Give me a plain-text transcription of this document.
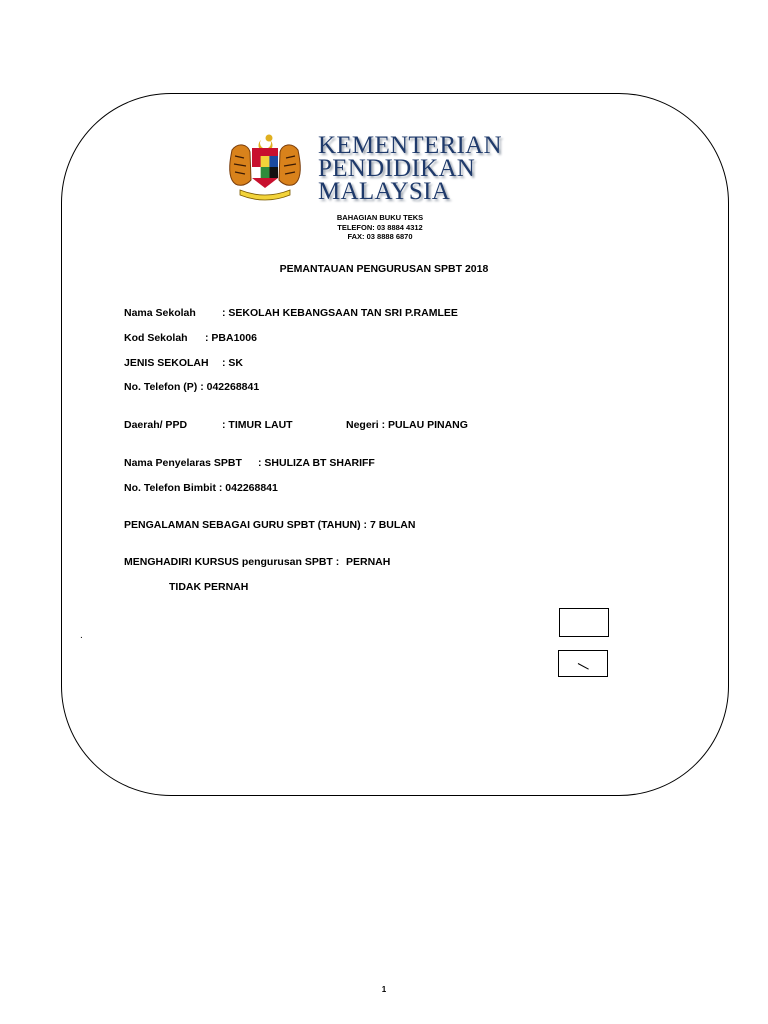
KEMENTERIAN
PENDIDIKAN
MALAYSIA
BAHAGIAN BUKU TEKS
TELEFON: 03 8884 4312
FAX: 03 8888 6870
PEMANTAUAN PENGURUSAN SPBT 2018
Nama Sekolah : SEKOLAH KEBANGSAAN TAN SRI P.RAMLEE
Kod Sekolah : PBA1006
JENIS SEKOLAH : SK
No. Telefon (P) : 042268841
Daerah/ PPD	: TIMUR LAUT	Negeri : PULAU PINANG
Nama Penyelaras SPBT : SHULIZA BT SHARIFF
No. Telefon Bimbit : 042268841
PENGALAMAN SEBAGAI GURU SPBT (TAHUN) : 7 BULAN
MENGHADIRI KURSUS pengurusan SPBT : PERNAH
TIDAK PERNAH
.
1
